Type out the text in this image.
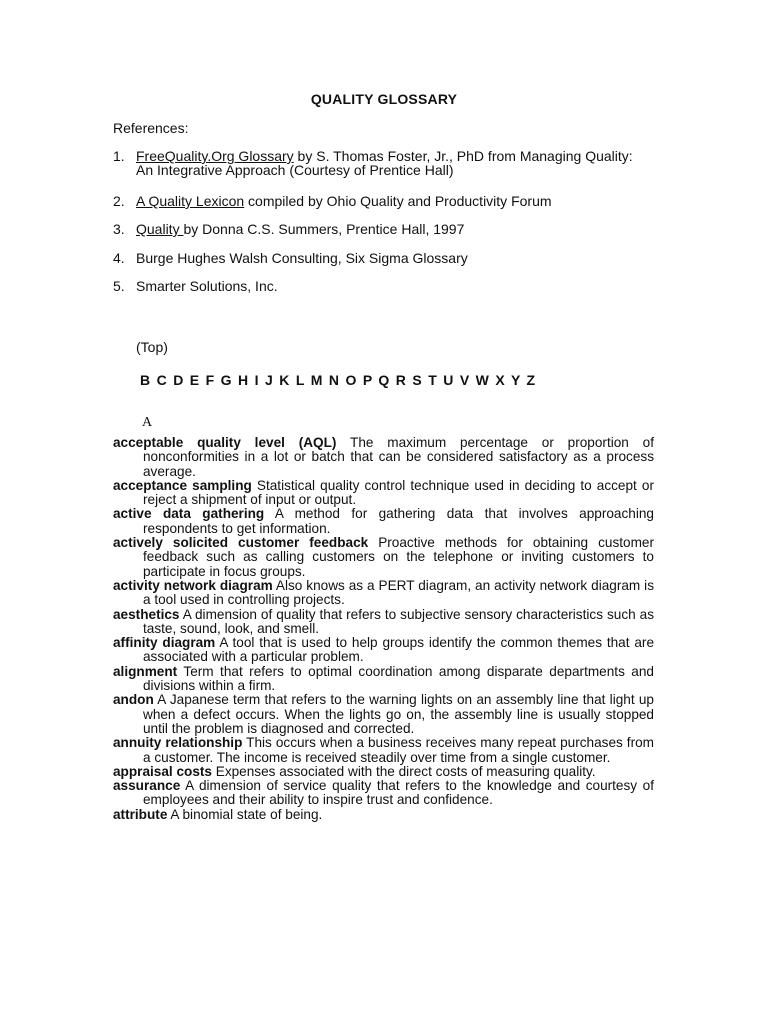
QUALITY GLOSSARY
References:
1. FreeQuality.Org Glossary by S. Thomas Foster, Jr., PhD from Managing Quality: An Integrative Approach (Courtesy of Prentice Hall)
2. A Quality Lexicon compiled by Ohio Quality and Productivity Forum
3. Quality by Donna C.S. Summers, Prentice Hall, 1997
4. Burge Hughes Walsh Consulting, Six Sigma Glossary
5. Smarter Solutions, Inc.
(Top)
B C D E F G H I J K L M N O P Q R S T U V W X Y Z
A

acceptable quality level (AQL) The maximum percentage or proportion of nonconformities in a lot or batch that can be considered satisfactory as a process average.

acceptance sampling Statistical quality control technique used in deciding to accept or reject a shipment of input or output.

active data gathering A method for gathering data that involves approaching respondents to get information.

actively solicited customer feedback Proactive methods for obtaining customer feedback such as calling customers on the telephone or inviting customers to participate in focus groups.

activity network diagram Also knows as a PERT diagram, an activity network diagram is a tool used in controlling projects.

aesthetics A dimension of quality that refers to subjective sensory characteristics such as taste, sound, look, and smell.

affinity diagram A tool that is used to help groups identify the common themes that are associated with a particular problem.

alignment Term that refers to optimal coordination among disparate departments and divisions within a firm.

andon A Japanese term that refers to the warning lights on an assembly line that light up when a defect occurs. When the lights go on, the assembly line is usually stopped until the problem is diagnosed and corrected.

annuity relationship This occurs when a business receives many repeat purchases from a customer. The income is received steadily over time from a single customer.

appraisal costs Expenses associated with the direct costs of measuring quality.

assurance A dimension of service quality that refers to the knowledge and courtesy of employees and their ability to inspire trust and confidence.

attribute A binomial state of being.
